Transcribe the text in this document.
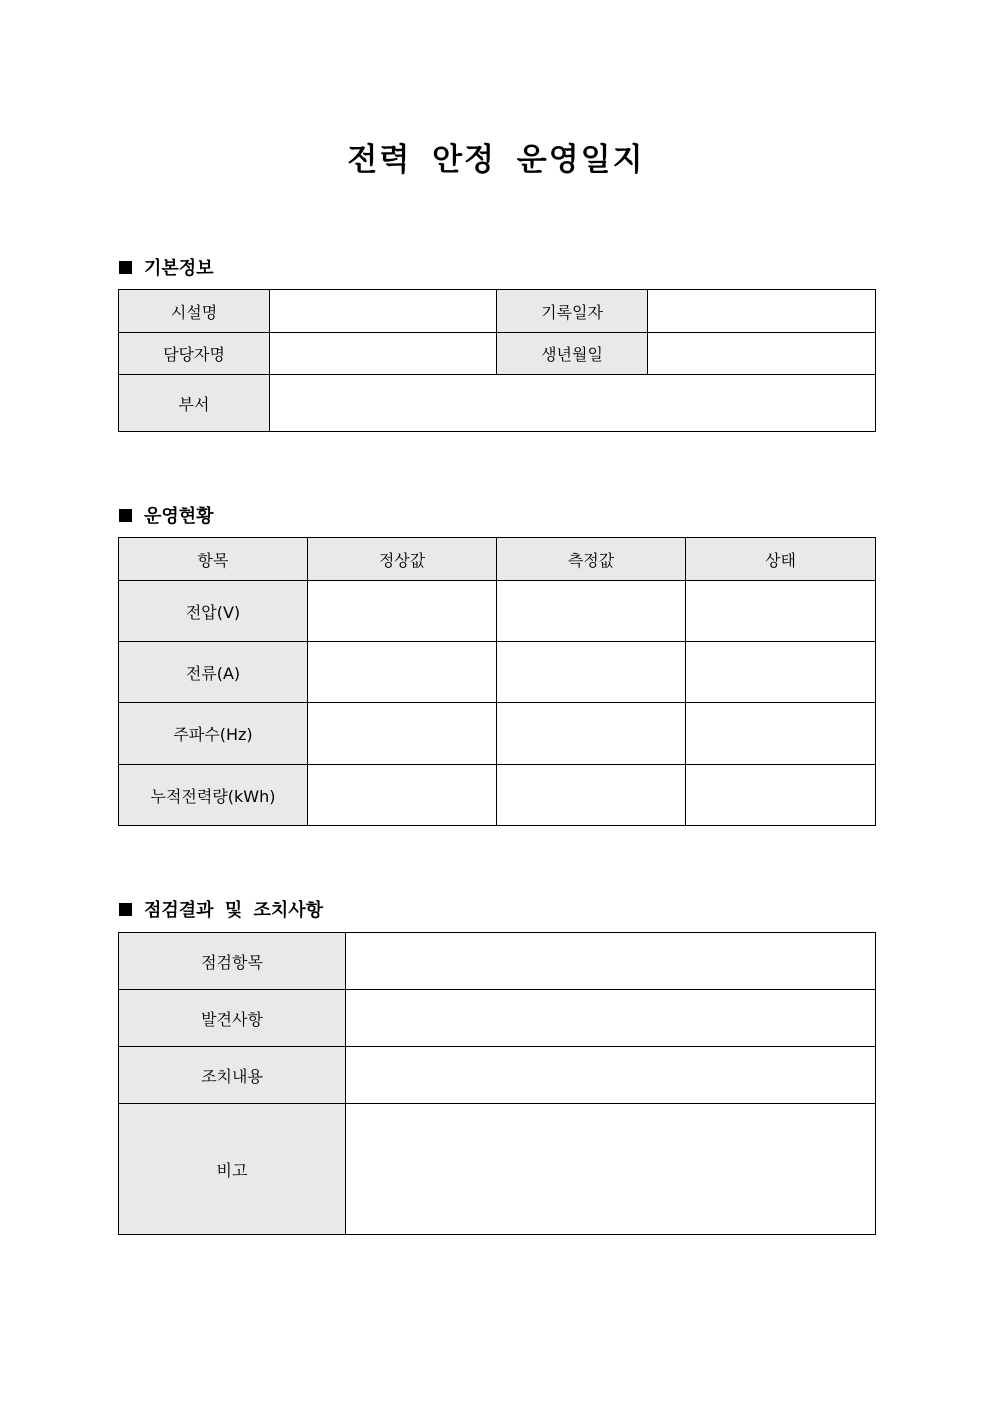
전력 안정 운영일지
기본정보
시설명		기록일자	
담당자명		생년월일	
부서			
운영현황
항목	정상값	측정값	상태
전압(V)			
전류(A)			
주파수(Hz)			
누적전력량(kWh)			
점검결과 및 조치사항
점검항목	
발견사항	
조치내용	
비고	
